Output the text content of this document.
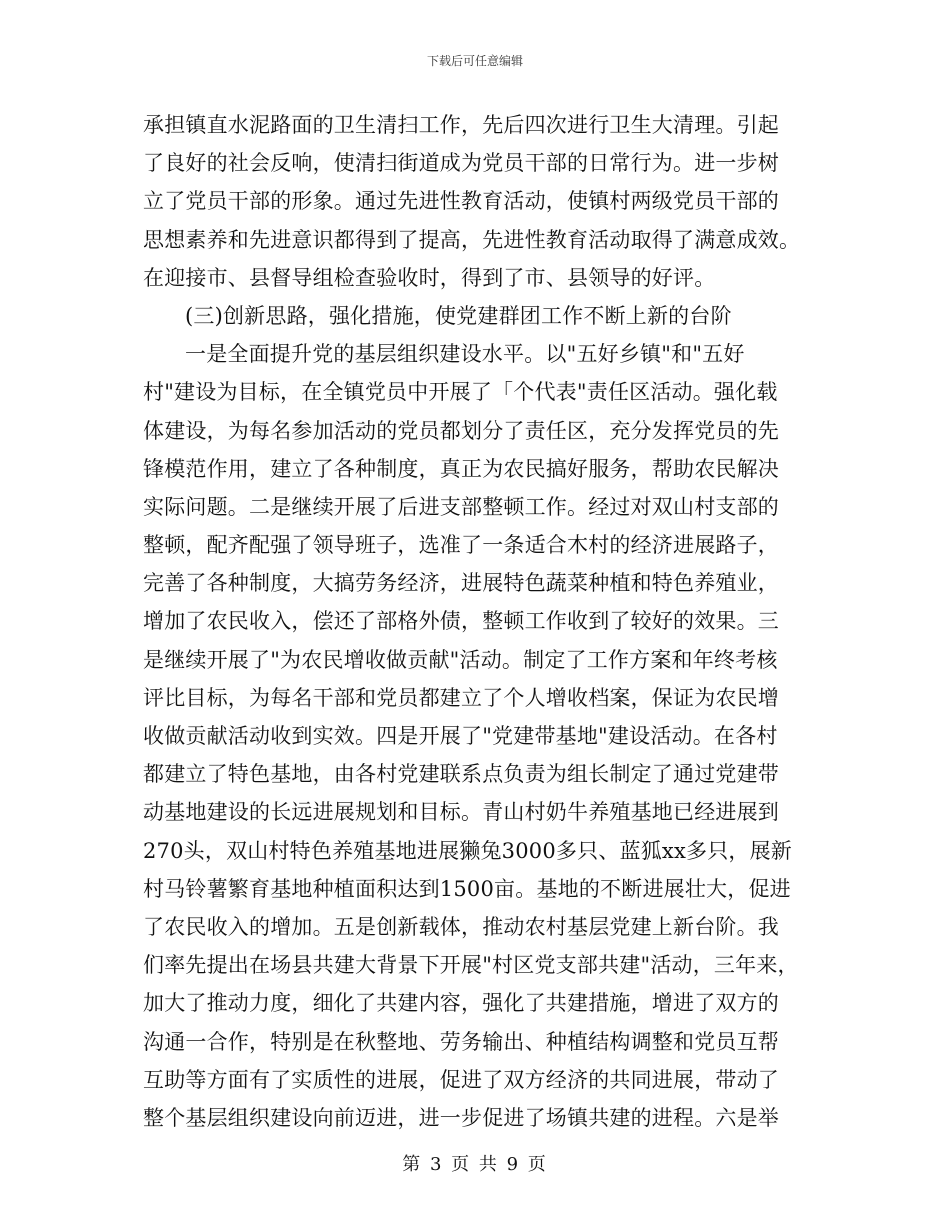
下载后可任意编辑
承担镇直水泥路面的卫生清扫工作，先后四次进行卫生大清理。引起
了良好的社会反响，使清扫街道成为党员干部的日常行为。进一步树
立了党员干部的形象。通过先进性教育活动，使镇村两级党员干部的
思想素养和先进意识都得到了提高，先进性教育活动取得了满意成效。
在迎接市、县督导组检查验收时，得到了市、县领导的好评。
(三)创新思路，强化措施，使党建群团工作不断上新的台阶
一是全面提升党的基层组织建设水平。以"五好乡镇"和"五好
村"建设为目标，在全镇党员中开展了「个代表"责任区活动。强化载
体建设，为每名参加活动的党员都划分了责任区，充分发挥党员的先
锋模范作用，建立了各种制度，真正为农民搞好服务，帮助农民解决
实际问题。二是继续开展了后进支部整顿工作。经过对双山村支部的
整顿，配齐配强了领导班子，选准了一条适合木村的经济进展路子，
完善了各种制度，大搞劳务经济，进展特色蔬菜种植和特色养殖业，
增加了农民收入，偿还了部格外债，整顿工作收到了较好的效果。三
是继续开展了"为农民增收做贡献"活动。制定了工作方案和年终考核
评比目标，为每名干部和党员都建立了个人增收档案，保证为农民增
收做贡献活动收到实效。四是开展了"党建带基地"建设活动。在各村
都建立了特色基地，由各村党建联系点负责为组长制定了通过党建带
动基地建设的长远进展规划和目标。青山村奶牛养殖基地已经进展到
270头，双山村特色养殖基地进展獭兔3000多只、蓝狐xx多只，展新
村马铃薯繁育基地种植面积达到1500亩。基地的不断进展壮大，促进
了农民收入的增加。五是创新载体，推动农村基层党建上新台阶。我
们率先提出在场县共建大背景下开展"村区党支部共建"活动，三年来，
加大了推动力度，细化了共建内容，强化了共建措施，增进了双方的
沟通一合作，特别是在秋整地、劳务输出、种植结构调整和党员互帮
互助等方面有了实质性的进展，促进了双方经济的共同进展，带动了
整个基层组织建设向前迈进，进一步促进了场镇共建的进程。六是举
第 3 页 共 9 页
